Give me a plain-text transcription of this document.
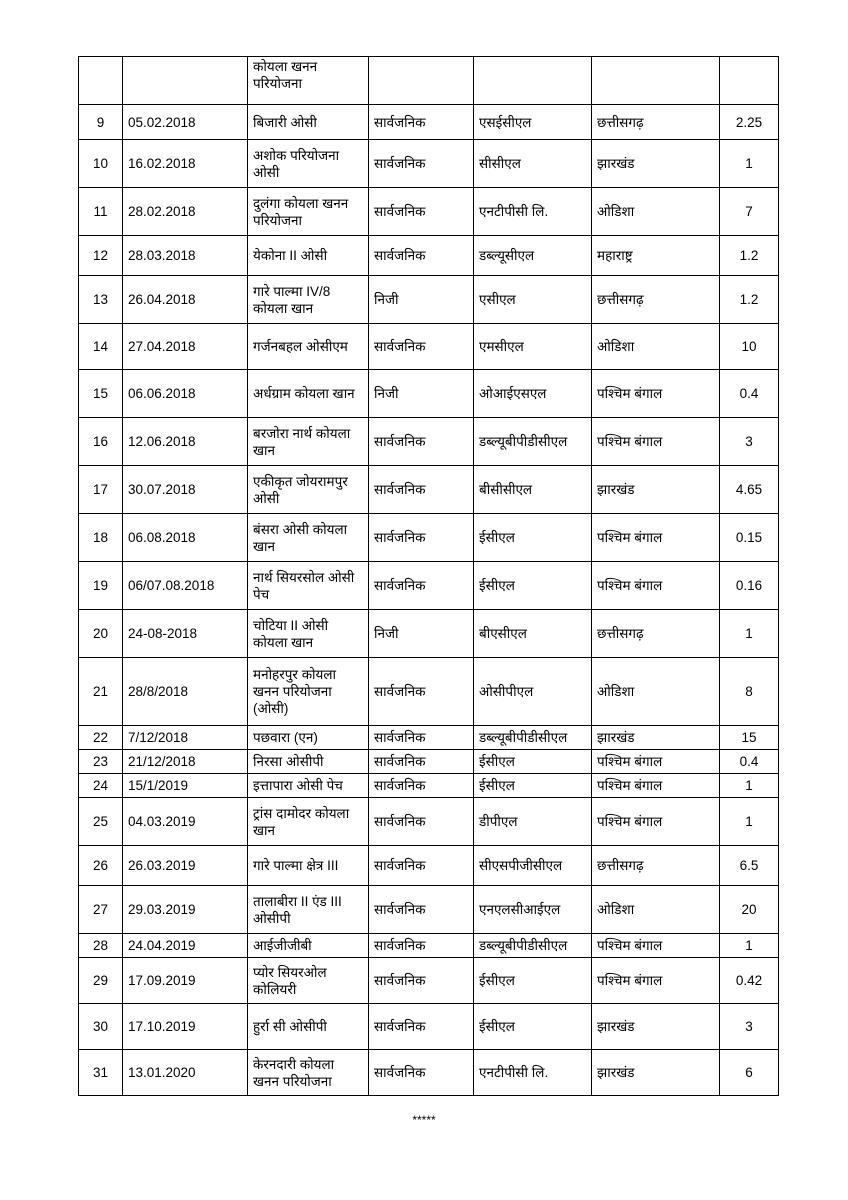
		कोयला खनन परियोजना				
9	05.02.2018	बिजारी ओसी	सार्वजनिक	एसईसीएल	छत्तीसगढ़	2.25
10	16.02.2018	अशोक परियोजना ओसी	सार्वजनिक	सीसीएल	झारखंड	1
11	28.02.2018	दुलंगा कोयला खनन परियोजना	सार्वजनिक	एनटीपीसी लि.	ओडिशा	7
12	28.03.2018	येकोना II ओसी	सार्वजनिक	डब्ल्यूसीएल	महाराष्ट्र	1.2
13	26.04.2018	गारे पाल्मा IV/8 कोयला खान	निजी	एसीएल	छत्तीसगढ़	1.2
14	27.04.2018	गर्जनबहल ओसीएम	सार्वजनिक	एमसीएल	ओडिशा	10
15	06.06.2018	अर्धग्राम कोयला खान	निजी	ओआईएसएल	पश्चिम बंगाल	0.4
16	12.06.2018	बरजोरा नार्थ कोयला खान	सार्वजनिक	डब्ल्यूबीपीडीसीएल	पश्चिम बंगाल	3
17	30.07.2018	एकीकृत जोयरामपुर ओसी	सार्वजनिक	बीसीसीएल	झारखंड	4.65
18	06.08.2018	बंसरा ओसी कोयला खान	सार्वजनिक	ईसीएल	पश्चिम बंगाल	0.15
19	06/07.08.2018	नार्थ सियरसोल ओसी पेच	सार्वजनिक	ईसीएल	पश्चिम बंगाल	0.16
20	24-08-2018	चोटिया II ओसी कोयला खान	निजी	बीएसीएल	छत्तीसगढ़	1
21	28/8/2018	मनोहरपुर कोयला खनन परियोजना (ओसी)	सार्वजनिक	ओसीपीएल	ओडिशा	8
22	7/12/2018	पछवारा (एन)	सार्वजनिक	डब्ल्यूबीपीडीसीएल	झारखंड	15
23	21/12/2018	निरसा ओसीपी	सार्वजनिक	ईसीएल	पश्चिम बंगाल	0.4
24	15/1/2019	इत्तापारा ओसी पेच	सार्वजनिक	ईसीएल	पश्चिम बंगाल	1
25	04.03.2019	ट्रांस दामोदर कोयला खान	सार्वजनिक	डीपीएल	पश्चिम बंगाल	1
26	26.03.2019	गारे पाल्मा क्षेत्र III	सार्वजनिक	सीएसपीजीसीएल	छत्तीसगढ़	6.5
27	29.03.2019	तालाबीरा II एंड III ओसीपी	सार्वजनिक	एनएलसीआईएल	ओडिशा	20
28	24.04.2019	आईजीजीबी	सार्वजनिक	डब्ल्यूबीपीडीसीएल	पश्चिम बंगाल	1
29	17.09.2019	प्योर सियरओल कोलियरी	सार्वजनिक	ईसीएल	पश्चिम बंगाल	0.42
30	17.10.2019	हुर्रा सी ओसीपी	सार्वजनिक	ईसीएल	झारखंड	3
31	13.01.2020	केरनदारी कोयला खनन परियोजना	सार्वजनिक	एनटीपीसी लि.	झारखंड	6
*****
